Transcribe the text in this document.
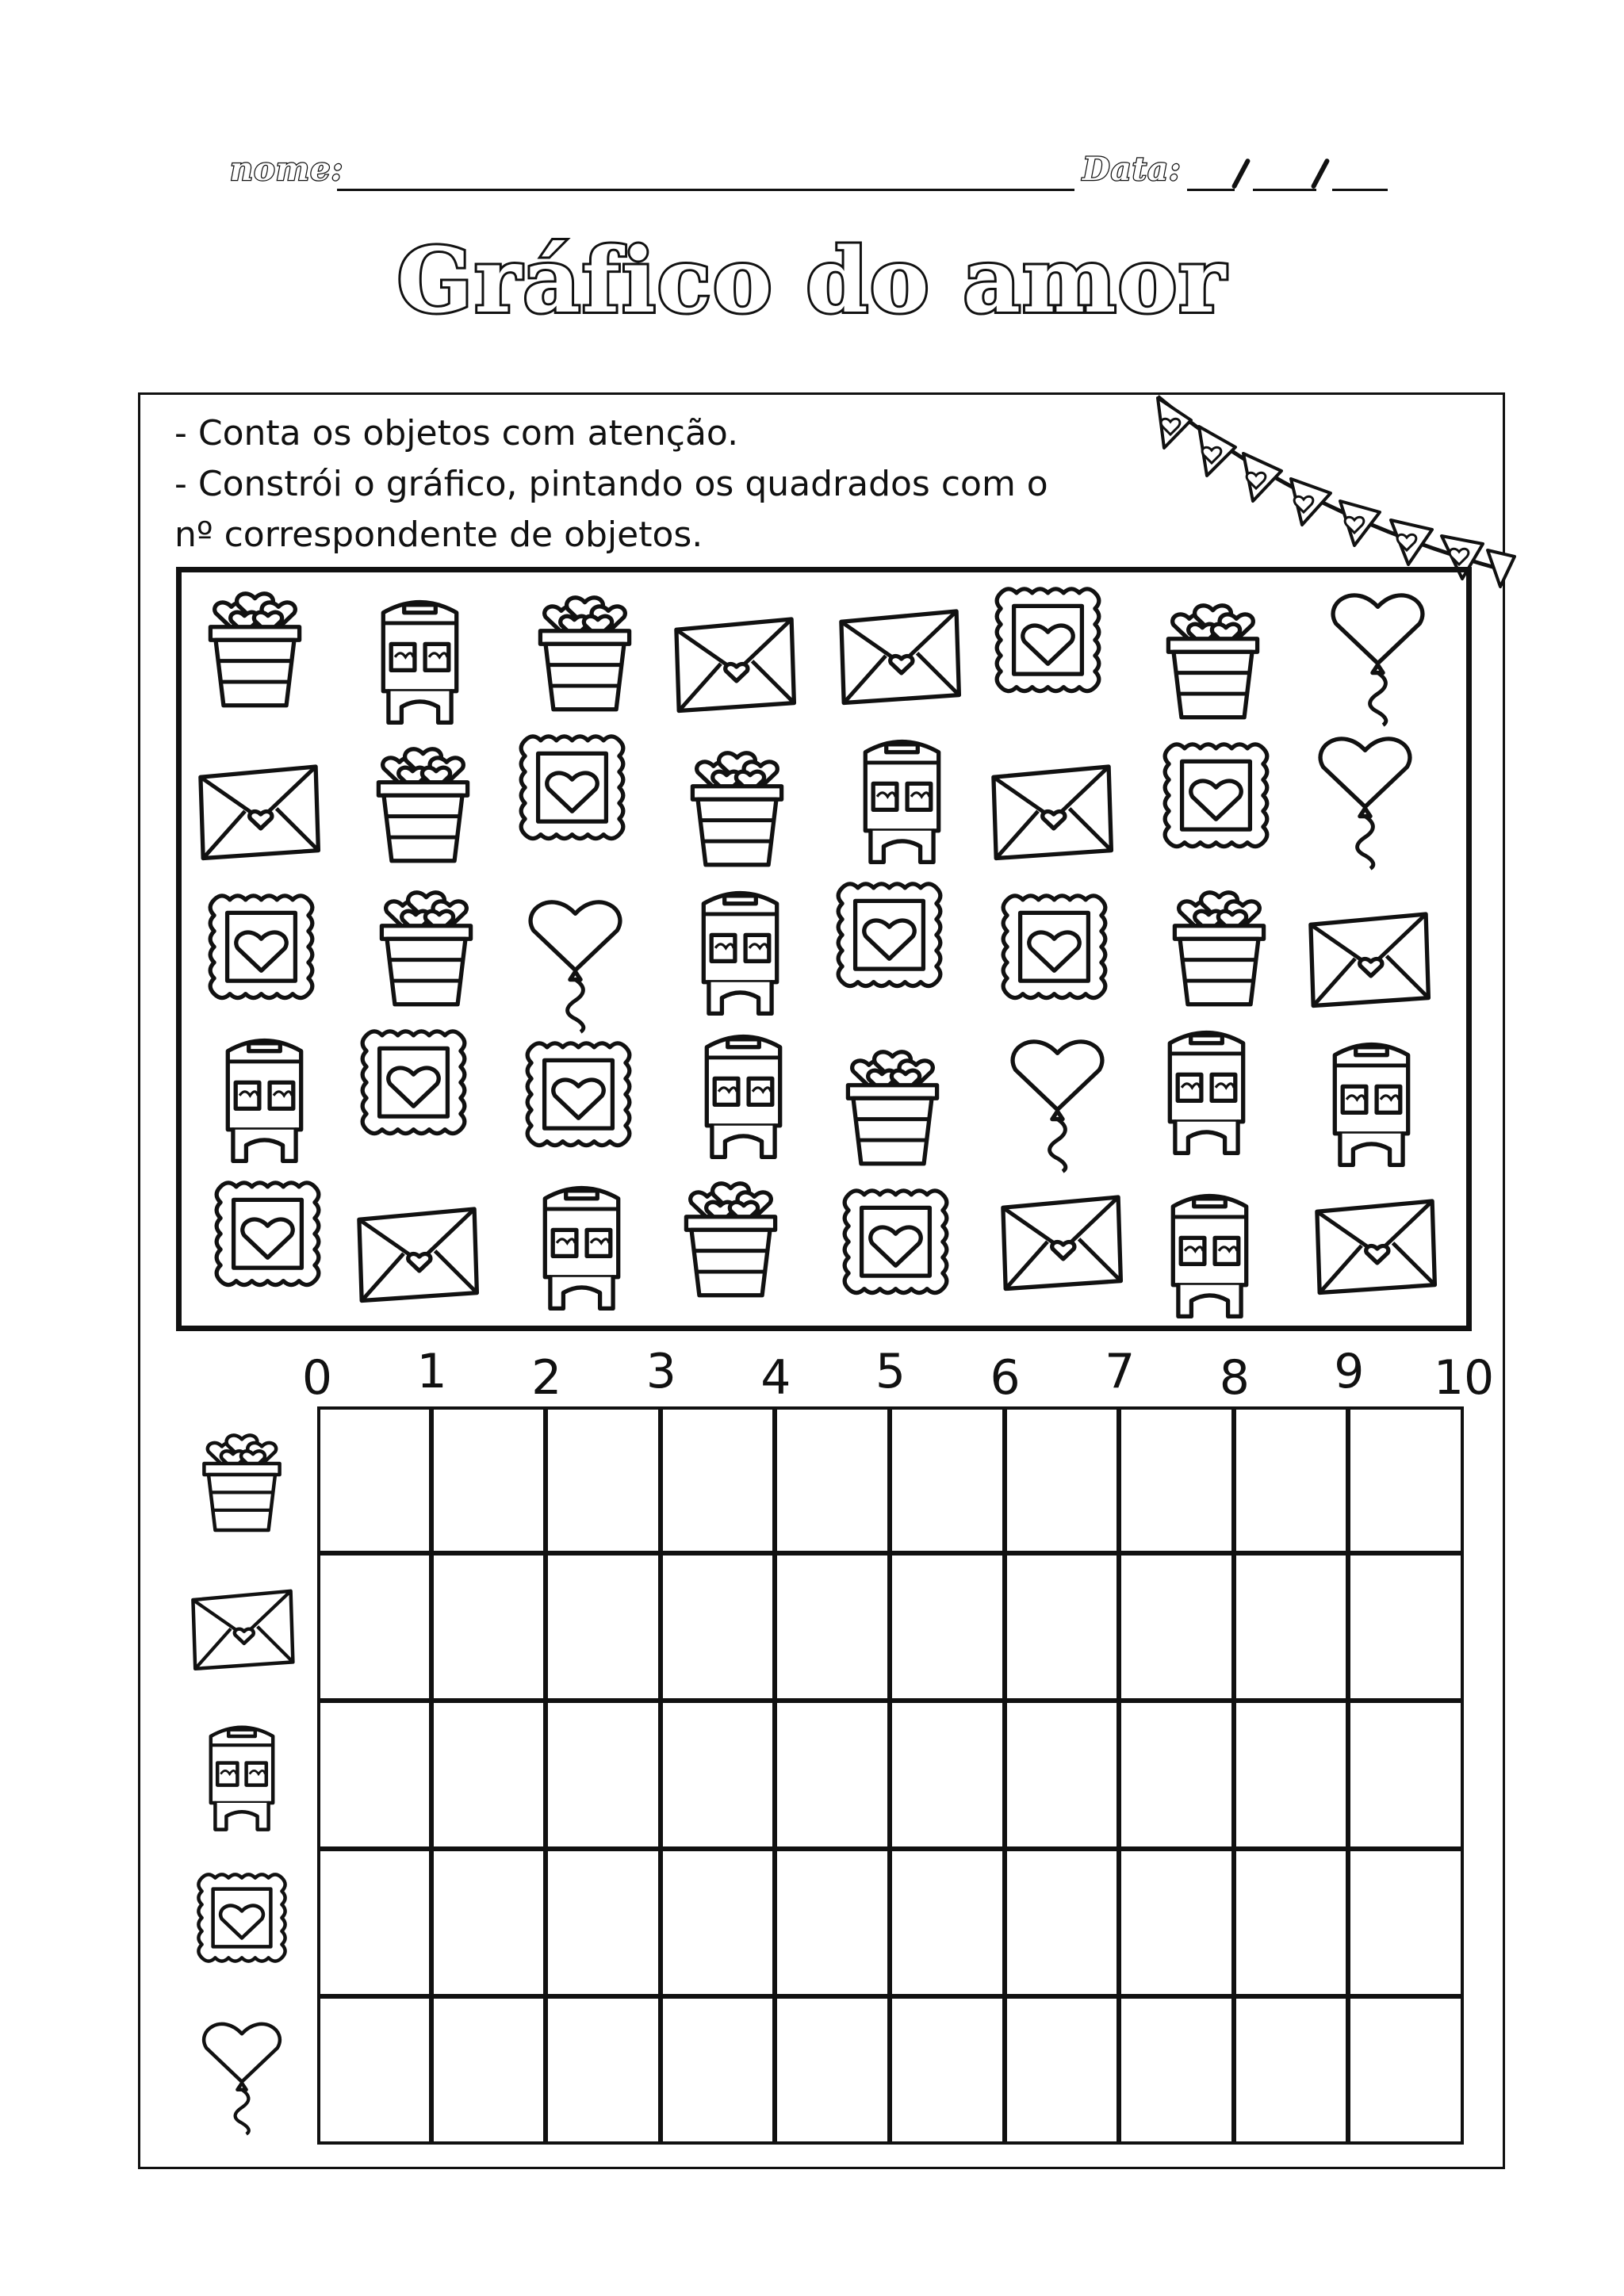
nome:	Data:
Gráfico do amor
- Conta os objetos com atenção.
- Constrói o gráfico, pintando os quadrados com o
nº correspondente de objetos.
0	1	2	3	4	5	6	7	8	9	10
